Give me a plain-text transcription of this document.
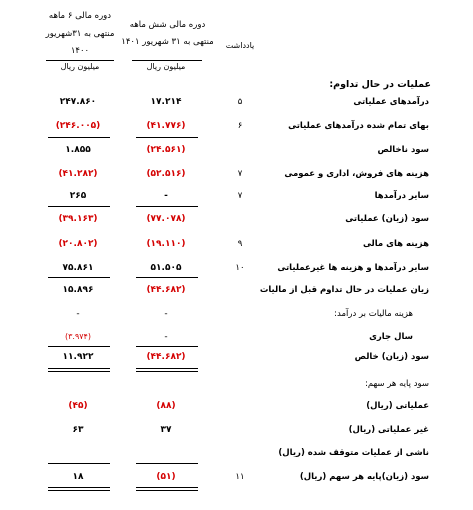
دوره مالی ۶ ماهه
منتهی به ۳۱شهریور
۱۴۰۰
دوره مالی شش ماهه
منتهی به ۳۱ شهریور ۱۴۰۱	یادداشت
میلیون ریال	میلیون ریال
عملیات در حال تداوم:
درآمدهای عملیاتی
۵
۱۷.۲۱۴
۲۴۷.۸۶۰
بهای تمام شده درآمدهای عملیاتی
۶
(۴۱.۷۷۶)
(۲۴۶.۰۰۵)
سود ناخالص
(۲۴.۵۶۱)
۱.۸۵۵
هزینه های فروش، اداری و عمومی
۷
(۵۲.۵۱۶)
(۴۱.۲۸۲)
سایر درآمدها
۷
-
۲۶۵
سود (زیان) عملیاتی
(۷۷.۰۷۸)
(۳۹.۱۶۳)
هزینه های مالی
۹
(۱۹.۱۱۰)
(۲۰.۸۰۲)
سایر درآمدها و هزینه ها غیرعملیاتی
۱۰
۵۱.۵۰۵
۷۵.۸۶۱
زیان عملیات در حال تداوم قبل از مالیات
(۴۴.۶۸۲)
۱۵.۸۹۶
هزینه مالیات بر درآمد:
-
-
سال جاری
-
(۳.۹۷۴)
سود (زیان) خالص
(۴۴.۶۸۲)
۱۱.۹۲۲
سود پایه هر سهم:
عملیاتی (ریال)
(۸۸)
(۴۵)
غیر عملیاتی (ریال)
۳۷
۶۳
ناشی از عملیات متوقف شده (ریال)
سود (زیان)پایه هر سهم (ریال)
۱۱
(۵۱)
۱۸
